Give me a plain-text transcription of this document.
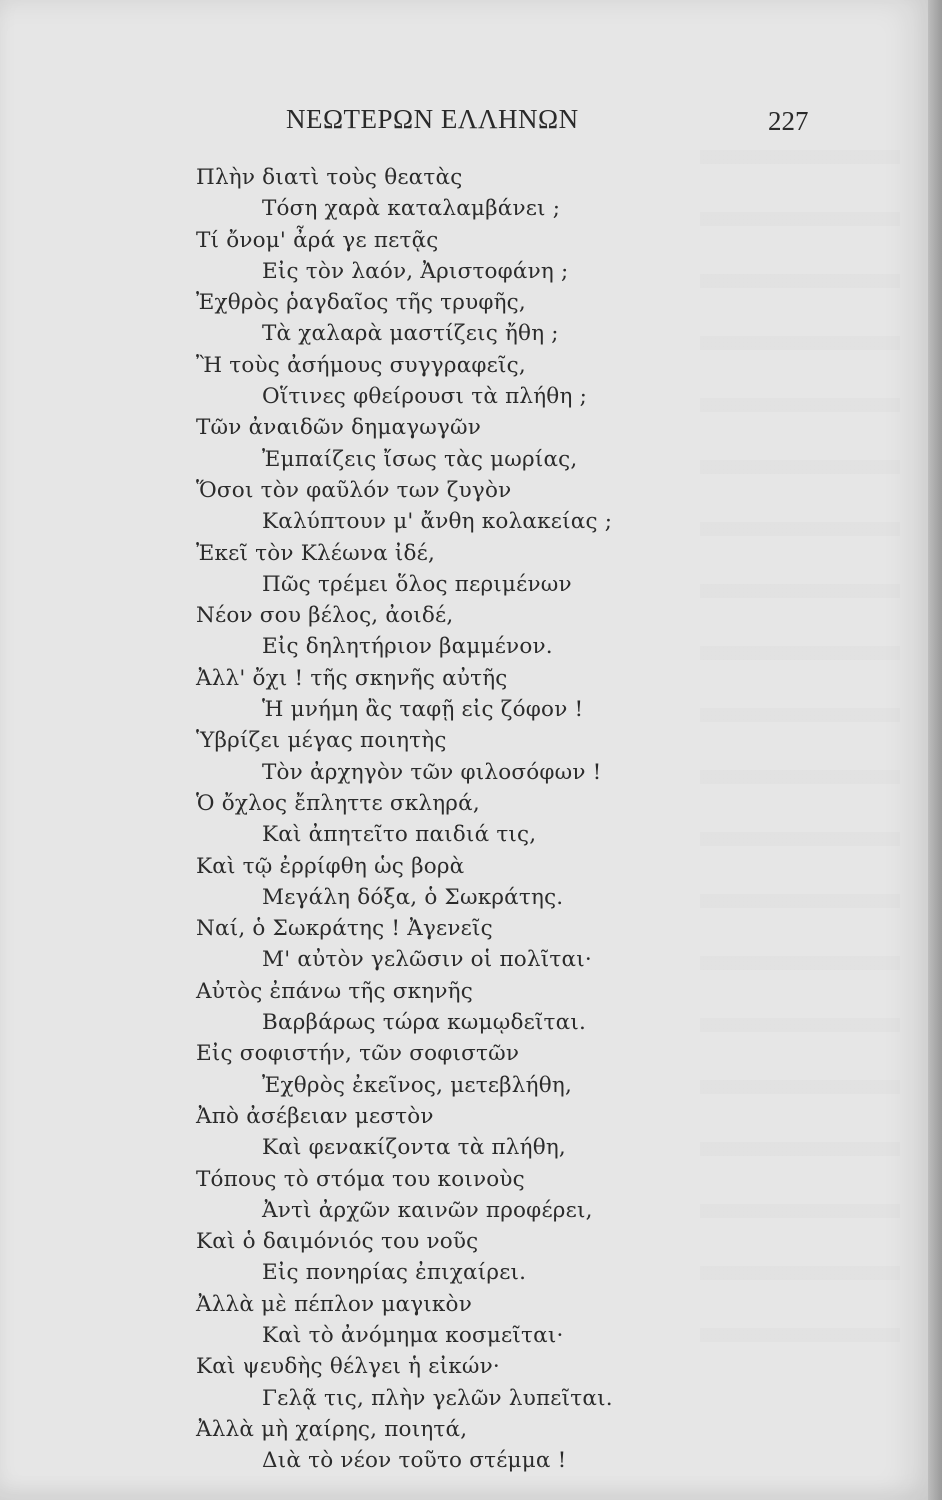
ΝΕΩΤΕΡΩΝ ΕΛΛΗΝΩΝ	227
Πλὴν διατὶ τοὺς θεατὰς
Τόση χαρὰ καταλαμβάνει ;
Τί ὄνομ' ἆρά γε πετᾷς
Εἰς τὸν λαόν, Ἀριστοφάνη ;
Ἐχθρὸς ῥαγδαῖος τῆς τρυφῆς,
Τὰ χαλαρὰ μαστίζεις ἤθη ;
Ἢ τοὺς ἀσήμους συγγραφεῖς,
Οἵτινες φθείρουσι τὰ πλήθη ;
Τῶν ἀναιδῶν δημαγωγῶν
Ἐμπαίζεις ἴσως τὰς μωρίας,
Ὅσοι τὸν φαῦλόν των ζυγὸν
Καλύπτουν μ' ἄνθη κολακείας ;
Ἐκεῖ τὸν Κλέωνα ἰδέ,
Πῶς τρέμει ὅλος περιμένων
Νέον σου βέλος, ἀοιδέ,
Εἰς δηλητήριον βαμμένον.
Ἀλλ' ὄχι ! τῆς σκηνῆς αὐτῆς
Ἡ μνήμη ἂς ταφῇ εἰς ζόφον !
Ὑβρίζει μέγας ποιητὴς
Τὸν ἀρχηγὸν τῶν φιλοσόφων !
Ὁ ὄχλος ἔπληττε σκληρά,
Καὶ ἀπητεῖτο παιδιά τις,
Καὶ τῷ ἐρρίφθη ὡς βορὰ
Μεγάλη δόξα, ὁ Σωκράτης.
Ναί, ὁ Σωκράτης ! Ἀγενεῖς
Μ' αὐτὸν γελῶσιν οἱ πολῖται·
Αὐτὸς ἐπάνω τῆς σκηνῆς
Βαρβάρως τώρα κωμῳδεῖται.
Εἰς σοφιστήν, τῶν σοφιστῶν
Ἐχθρὸς ἐκεῖνος, μετεβλήθη,
Ἀπὸ ἀσέβειαν μεστὸν
Καὶ φενακίζοντα τὰ πλήθη,
Τόπους τὸ στόμα του κοινοὺς
Ἀντὶ ἀρχῶν καινῶν προφέρει,
Καὶ ὁ δαιμόνιός του νοῦς
Εἰς πονηρίας ἐπιχαίρει.
Ἀλλὰ μὲ πέπλον μαγικὸν
Καὶ τὸ ἀνόμημα κοσμεῖται·
Καὶ ψευδὴς θέλγει ἡ εἰκών·
Γελᾷ τις, πλὴν γελῶν λυπεῖται.
Ἀλλὰ μὴ χαίρης, ποιητά,
Διὰ τὸ νέον τοῦτο στέμμα !
